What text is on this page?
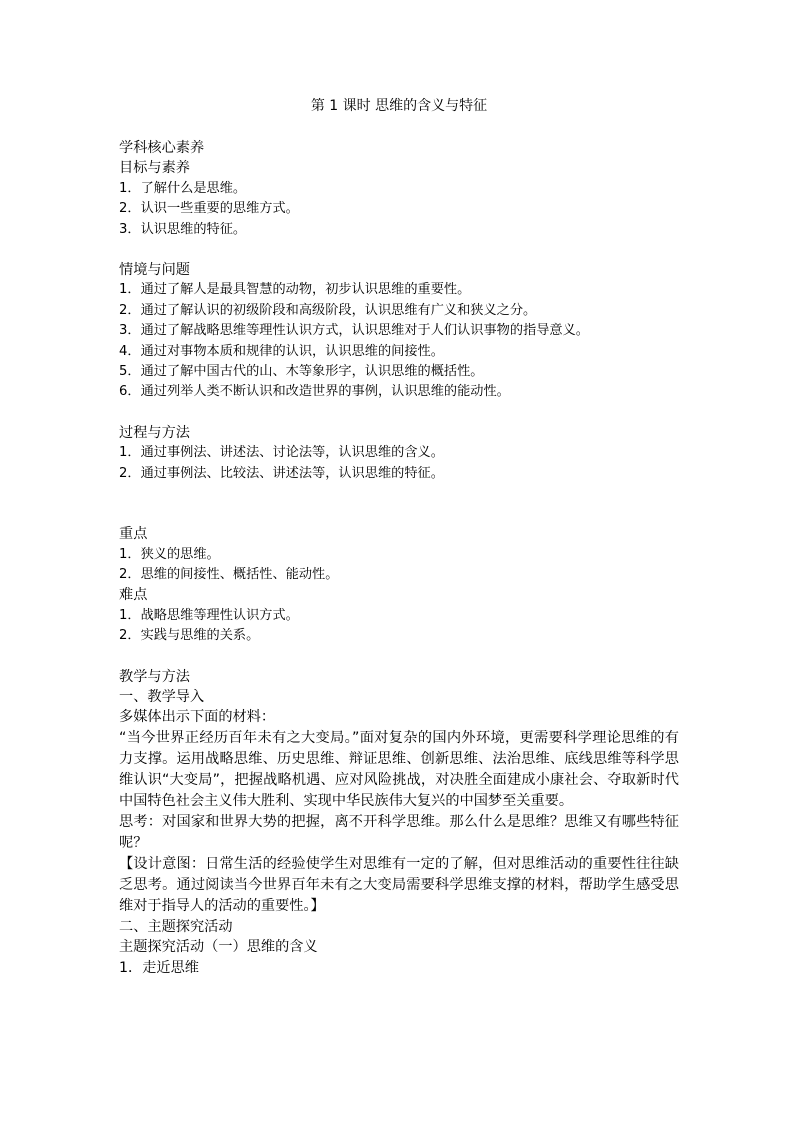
第 1 课时 思维的含义与特征
学科核心素养
目标与素养
1．了解什么是思维。
2．认识一些重要的思维方式。
3．认识思维的特征。
情境与问题
1．通过了解人是最具智慧的动物，初步认识思维的重要性。
2．通过了解认识的初级阶段和高级阶段，认识思维有广义和狭义之分。
3．通过了解战略思维等理性认识方式，认识思维对于人们认识事物的指导意义。
4．通过对事物本质和规律的认识，认识思维的间接性。
5．通过了解中国古代的山、木等象形字，认识思维的概括性。
6．通过列举人类不断认识和改造世界的事例，认识思维的能动性。
过程与方法
1．通过事例法、讲述法、讨论法等，认识思维的含义。
2．通过事例法、比较法、讲述法等，认识思维的特征。
重点
1．狭义的思维。
2．思维的间接性、概括性、能动性。
难点
1．战略思维等理性认识方式。
2．实践与思维的关系。
教学与方法
一、教学导入
多媒体出示下面的材料：
“当今世界正经历百年未有之大变局。”面对复杂的国内外环境，更需要科学理论思维的有力支撑。运用战略思维、历史思维、辩证思维、创新思维、法治思维、底线思维等科学思维认识“大变局”，把握战略机遇、应对风险挑战，对决胜全面建成小康社会、夺取新时代中国特色社会主义伟大胜利、实现中华民族伟大复兴的中国梦至关重要。
思考：对国家和世界大势的把握，离不开科学思维。那么什么是思维？思维又有哪些特征呢？
【设计意图：日常生活的经验使学生对思维有一定的了解，但对思维活动的重要性往往缺乏思考。通过阅读当今世界百年未有之大变局需要科学思维支撑的材料，帮助学生感受思维对于指导人的活动的重要性。】
二、主题探究活动
主题探究活动（一）思维的含义
1．走近思维
